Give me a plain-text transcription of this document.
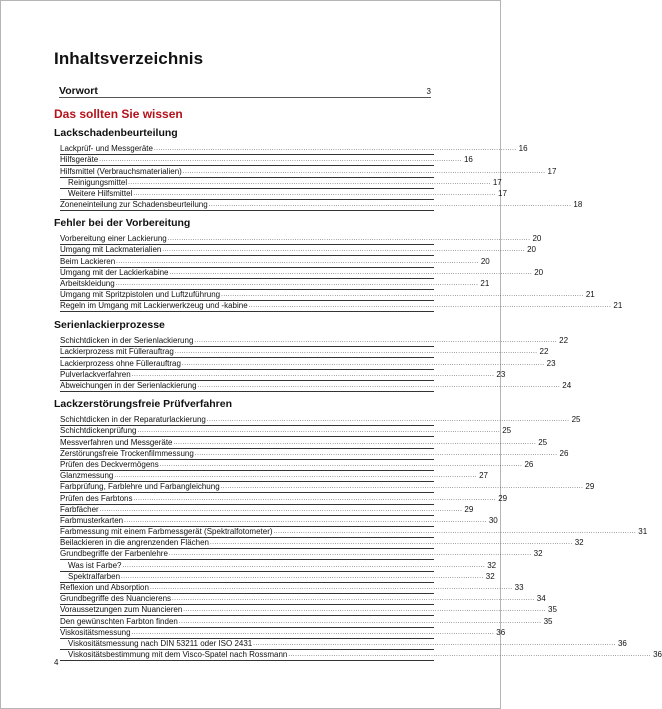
Inhaltsverzeichnis
Vorwort	3
Das sollten Sie wissen
Lackschadenbeurteilung
Lackprüf- und Messgeräte ................................................................................................................................................................ 16
Hilfsgeräte ................................................................................................................................................................ 16
Hilfsmittel (Verbrauchsmaterialien) ................................................................................................................................................................ 17
Reinigungsmittel ................................................................................................................................................................ 17
Weitere Hilfsmittel ................................................................................................................................................................ 17
Zoneneinteilung zur Schadensbeurteilung ................................................................................................................................................................ 18
Fehler bei der Vorbereitung
Vorbereitung einer Lackierung ................................................................................................................................................................ 20
Umgang mit Lackmaterialien ................................................................................................................................................................ 20
Beim Lackieren ................................................................................................................................................................ 20
Umgang mit der Lackierkabine ................................................................................................................................................................ 20
Arbeitskleidung ................................................................................................................................................................ 21
Umgang mit Spritzpistolen und Luftzuführung ................................................................................................................................................................ 21
Regeln im Umgang mit Lackierwerkzeug und -kabine ................................................................................................................................................................ 21
Serienlackierprozesse
Schichtdicken in der Serienlackierung ................................................................................................................................................................ 22
Lackierprozess mit Füllerauftrag ................................................................................................................................................................ 22
Lackierprozess ohne Füllerauftrag ................................................................................................................................................................ 23
Pulverlackverfahren ................................................................................................................................................................ 23
Abweichungen in der Serienlackierung ................................................................................................................................................................ 24
Lackzerstörungsfreie Prüfverfahren
Schichtdicken in der Reparaturlackierung ................................................................................................................................................................ 25
Schichtdickenprüfung ................................................................................................................................................................ 25
Messverfahren und Messgeräte ................................................................................................................................................................ 25
Zerstörungsfreie Trockenfilmmessung ................................................................................................................................................................ 26
Prüfen des Deckvermögens ................................................................................................................................................................ 26
Glanzmessung ................................................................................................................................................................ 27
Farbprüfung, Farblehre und Farbangleichung ................................................................................................................................................................ 29
Prüfen des Farbtons ................................................................................................................................................................ 29
Farbfächer ................................................................................................................................................................ 29
Farbmusterkarten ................................................................................................................................................................ 30
Farbmessung mit einem Farbmessgerät (Spektralfotometer) ................................................................................................................................................................ 31
Beilackieren in die angrenzenden Flächen ................................................................................................................................................................ 32
Grundbegriffe der Farbenlehre ................................................................................................................................................................ 32
Was ist Farbe? ................................................................................................................................................................ 32
Spektralfarben ................................................................................................................................................................ 32
Reflexion und Absorption ................................................................................................................................................................ 33
Grundbegriffe des Nuancierens ................................................................................................................................................................ 34
Voraussetzungen zum Nuancieren ................................................................................................................................................................ 35
Den gewünschten Farbton finden ................................................................................................................................................................ 35
Viskositätsmessung ................................................................................................................................................................ 36
Viskositätsmessung nach DIN 53211 oder ISO 2431 ................................................................................................................................................................ 36
Viskositätsbestimmung mit dem Visco-Spatel nach Rossmann ................................................................................................................................................................ 36
4
